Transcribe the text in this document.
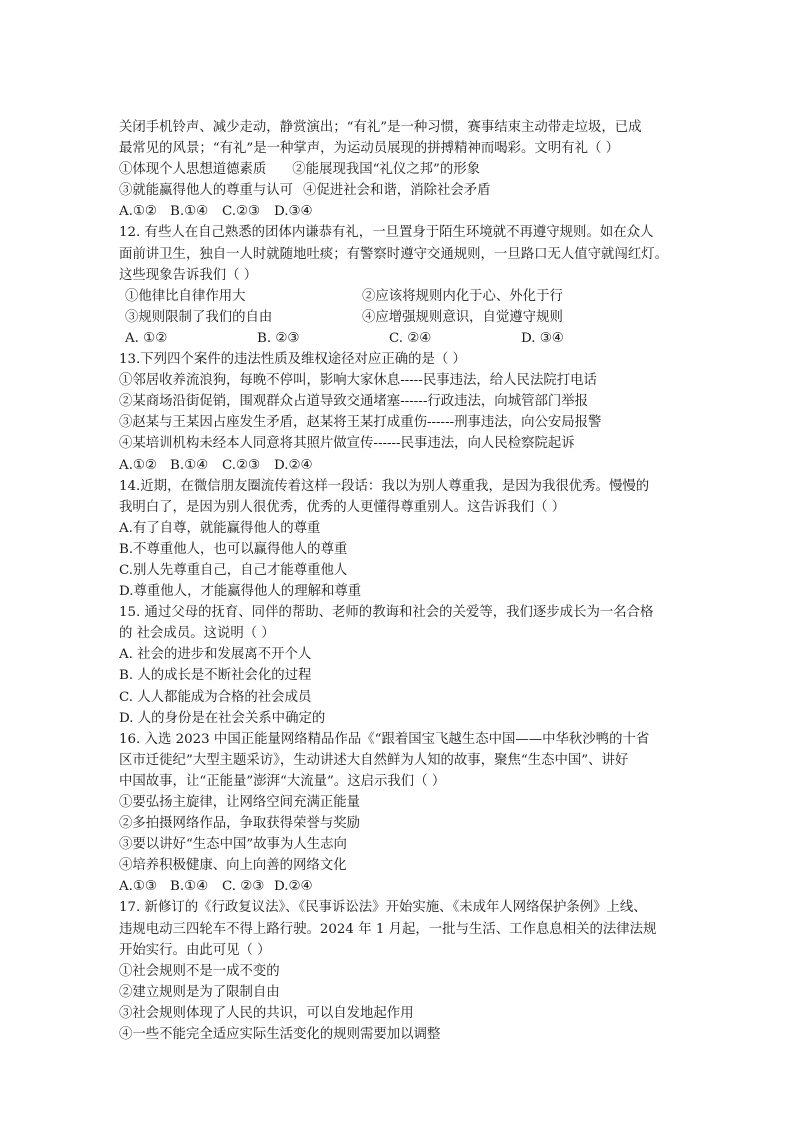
关闭手机铃声、减少走动，静赏演出；“有礼”是一种习惯，赛事结束主动带走垃圾，已成
最常见的风景；“有礼”是一种掌声，为运动员展现的拼搏精神而喝彩。文明有礼（ ）
①体现个人思想道德素质 ②能展现我国“礼仪之邦”的形象
③就能赢得他人的尊重与认可 ④促进社会和谐，消除社会矛盾
A.①② B.①④	C.②③	D.③④
12. 有些人在自己熟悉的团体内谦恭有礼，一旦置身于陌生环境就不再遵守规则。如在众人
面前讲卫生，独自一人时就随地吐痰；有警察时遵守交通规则，一旦路口无人值守就闯红灯。
这些现象告诉我们（ ）
①他律比自律作用大	②应该将规则内化于心、外化于行
③规则限制了我们的自由	④应增强规则意识，自觉遵守规则
A. ①②	B. ②③	C. ②④	D. ③④
13.下列四个案件的违法性质及维权途径对应正确的是（ ）
①邻居收养流浪狗，每晚不停叫，影响大家休息-----民事违法，给人民法院打电话
②某商场沿街促销，围观群众占道导致交通堵塞------行政违法，向城管部门举报
③赵某与王某因占座发生矛盾，赵某将王某打成重伤------刑事违法，向公安局报警
④某培训机构未经本人同意将其照片做宣传------民事违法，向人民检察院起诉
A.①② B.①④	C.②③	D.②④
14.近期，在微信朋友圈流传着这样一段话：我以为别人尊重我，是因为我很优秀。慢慢的
我明白了，是因为别人很优秀，优秀的人更懂得尊重别人。这告诉我们（ ）
A.有了自尊，就能赢得他人的尊重
B.不尊重他人，也可以赢得他人的尊重
C.别人先尊重自己，自己才能尊重他人
D.尊重他人，才能赢得他人的理解和尊重
15. 通过父母的抚育、同伴的帮助、老师的教诲和社会的关爱等，我们逐步成长为一名合格
的 社会成员。这说明（ ）
A. 社会的进步和发展离不开个人
B. 人的成长是不断社会化的过程
C. 人人都能成为合格的社会成员
D. 人的身份是在社会关系中确定的
16. 入选 2023 中国正能量网络精品作品《“跟着国宝飞越生态中国——中华秋沙鸭的十省
区市迁徙纪”大型主题采访》，生动讲述大自然鲜为人知的故事，聚焦“生态中国”、讲好
中国故事，让“正能量”澎湃“大流量”。这启示我们（ ）
①要弘扬主旋律，让网络空间充满正能量
②多拍摄网络作品，争取获得荣誉与奖励
③要以讲好“生态中国”故事为人生志向
④培养积极健康、向上向善的网络文化
A.①③ B.①④	C. ②③ D.②④
17. 新修订的《行政复议法》、《民事诉讼法》开始实施、《未成年人网络保护条例》上线、
违规电动三四轮车不得上路行驶。2024 年 1 月起，一批与生活、工作息息相关的法律法规
开始实行。由此可见（ ）
①社会规则不是一成不变的
②建立规则是为了限制自由
③社会规则体现了人民的共识，可以自发地起作用
④一些不能完全适应实际生活变化的规则需要加以调整
